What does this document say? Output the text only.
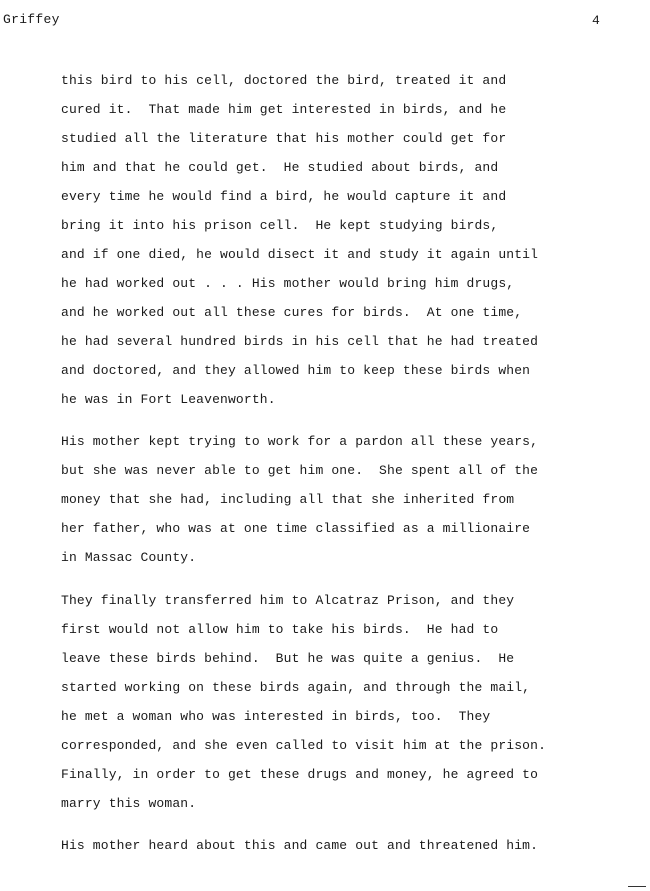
Griffey	4
this bird to his cell, doctored the bird, treated it and
cured it.  That made him get interested in birds, and he
studied all the literature that his mother could get for
him and that he could get.  He studied about birds, and
every time he would find a bird, he would capture it and
bring it into his prison cell.  He kept studying birds,
and if one died, he would disect it and study it again until
he had worked out . . . His mother would bring him drugs,
and he worked out all these cures for birds.  At one time,
he had several hundred birds in his cell that he had treated
and doctored, and they allowed him to keep these birds when
he was in Fort Leavenworth.
His mother kept trying to work for a pardon all these years,
but she was never able to get him one.  She spent all of the
money that she had, including all that she inherited from
her father, who was at one time classified as a millionaire
in Massac County.
They finally transferred him to Alcatraz Prison, and they
first would not allow him to take his birds.  He had to
leave these birds behind.  But he was quite a genius.  He
started working on these birds again, and through the mail,
he met a woman who was interested in birds, too.  They
corresponded, and she even called to visit him at the prison.
Finally, in order to get these drugs and money, he agreed to
marry this woman.
His mother heard about this and came out and threatened him.
